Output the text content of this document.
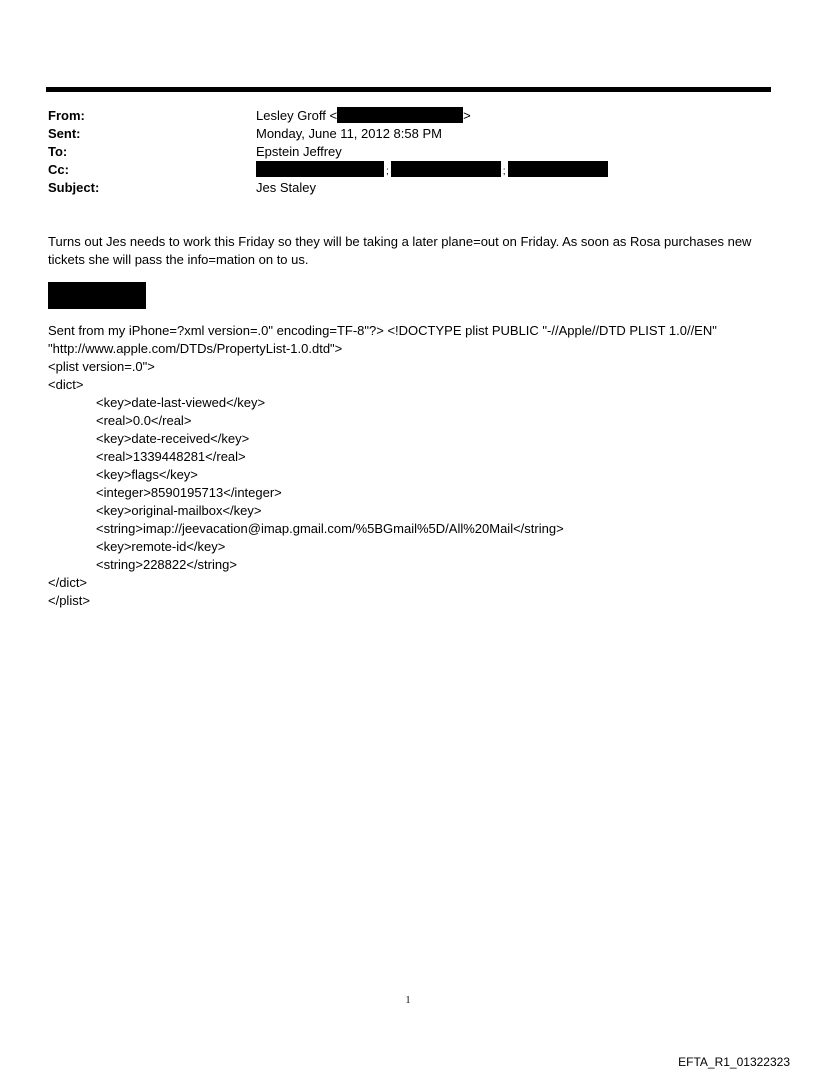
From:	Lesley Groff <	>
Sent:	Monday, June 11, 2012 8:58 PM
To:	Epstein Jeffrey
Cc:	;	;
Subject:	Jes Staley
Turns out Jes needs to work this Friday so they will be taking a later plane=out on Friday. As soon as Rosa purchases new tickets she will pass the info=mation on to us.
Sent from my iPhone=?xml version=.0" encoding=TF-8"?> <!DOCTYPE plist PUBLIC "-//Apple//DTD PLIST 1.0//EN"
"http://www.apple.com/DTDs/PropertyList-1.0.dtd">
<plist version=.0">
<dict>
<key>date-last-viewed</key>
<real>0.0</real>
<key>date-received</key>
<real>1339448281</real>
<key>flags</key>
<integer>8590195713</integer>
<key>original-mailbox</key>
<string>imap://jeevacation@imap.gmail.com/%5BGmail%5D/All%20Mail</string>
<key>remote-id</key>
<string>228822</string>
</dict>
</plist>
1
EFTA_R1_01322323
